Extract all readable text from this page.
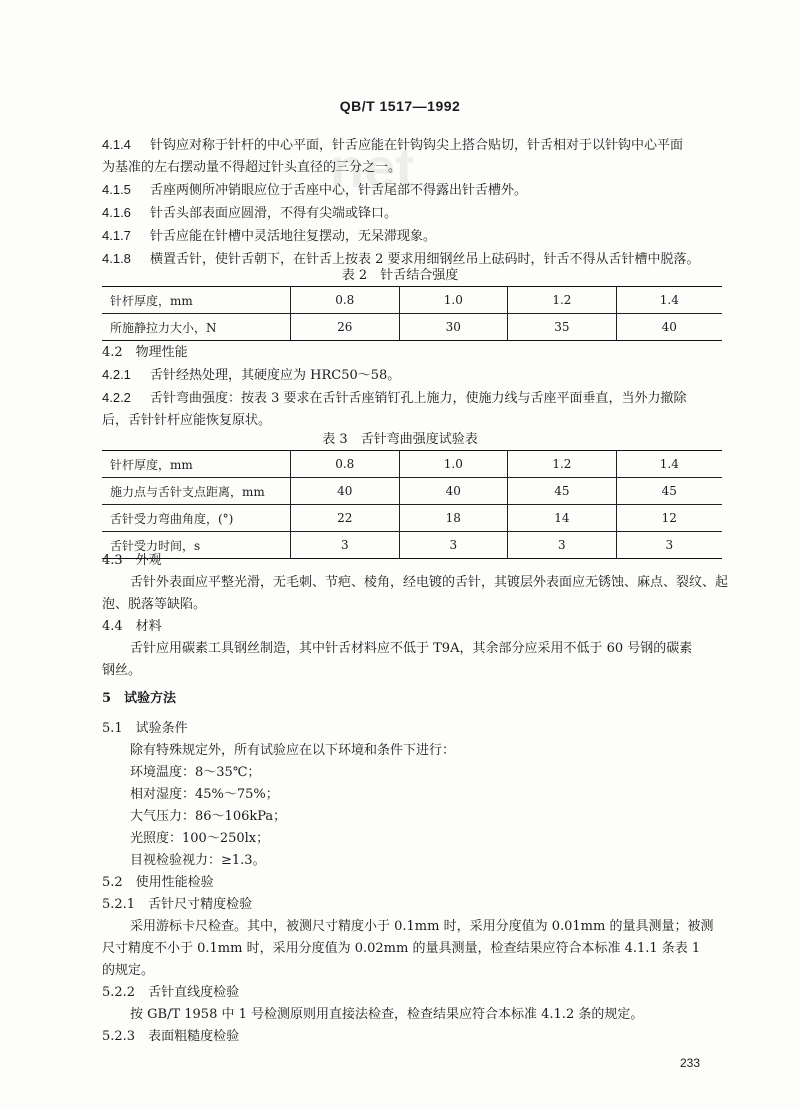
net
QB/T 1517—1992
4.1.4 针钩应对称于针杆的中心平面，针舌应能在针钩钩尖上搭合贴切，针舌相对于以针钩中心平面
为基准的左右摆动量不得超过针头直径的三分之一。
4.1.5 舌座两侧所冲销眼应位于舌座中心，针舌尾部不得露出针舌槽外。
4.1.6 针舌头部表面应圆滑，不得有尖端或锋口。
4.1.7 针舌应能在针槽中灵活地往复摆动，无呆滞现象。
4.1.8 横置舌针，使针舌朝下，在针舌上按表 2 要求用细钢丝吊上砝码时，针舌不得从舌针槽中脱落。
表 2　针舌结合强度
针杆厚度，mm	0.8	1.0	1.2	1.4
所施静拉力大小，N	26	30	35	40
4.2　物理性能
4.2.1 舌针经热处理，其硬度应为 HRC50～58。
4.2.2 舌针弯曲强度：按表 3 要求在舌针舌座销钉孔上施力，使施力线与舌座平面垂直，当外力撤除
后，舌针针杆应能恢复原状。
表 3　舌针弯曲强度试验表
针杆厚度，mm	0.8	1.0	1.2	1.4
施力点与舌针支点距离，mm	40	40	45	45
舌针受力弯曲角度，(°)	22	18	14	12
舌针受力时间，s	3	3	3	3
4.3　外观
舌针外表面应平整光滑，无毛刺、节疤、棱角，经电镀的舌针，其镀层外表面应无锈蚀、麻点、裂纹、起
泡、脱落等缺陷。
4.4　材料
舌针应用碳素工具钢丝制造，其中针舌材料应不低于 T9A，其余部分应采用不低于 60 号钢的碳素
钢丝。
5　试验方法
5.1　试验条件
除有特殊规定外，所有试验应在以下环境和条件下进行：
环境温度：8～35℃；
相对湿度：45%～75%；
大气压力：86～106kPa；
光照度：100～250lx；
目视检验视力：≥1.3。
5.2　使用性能检验
5.2.1　舌针尺寸精度检验
采用游标卡尺检查。其中，被测尺寸精度小于 0.1mm 时，采用分度值为 0.01mm 的量具测量；被测
尺寸精度不小于 0.1mm 时，采用分度值为 0.02mm 的量具测量，检查结果应符合本标准 4.1.1 条表 1
的规定。
5.2.2　舌针直线度检验
按 GB/T 1958 中 1 号检测原则用直接法检查，检查结果应符合本标准 4.1.2 条的规定。
5.2.3　表面粗糙度检验
233
